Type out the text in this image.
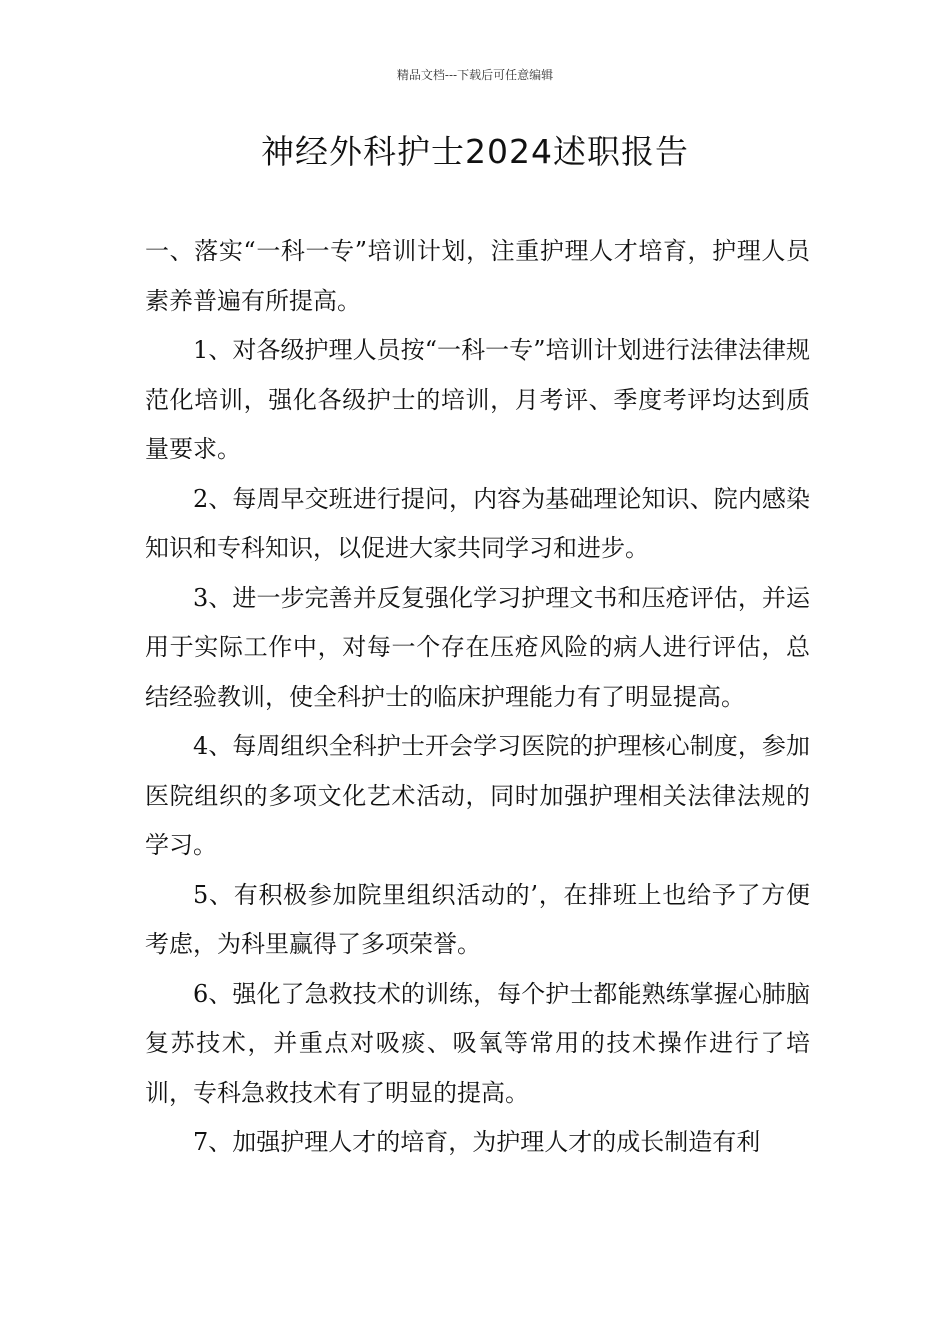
精品文档---下载后可任意编辑
神经外科护士2024述职报告

一、落实“一科一专”培训计划，注重护理人才培育，护理人员素养普遍有所提高。

1、对各级护理人员按“一科一专”培训计划进行法律法律规范化培训，强化各级护士的培训，月考评、季度考评均达到质量要求。

2、每周早交班进行提问，内容为基础理论知识、院内感染知识和专科知识，以促进大家共同学习和进步。

3、进一步完善并反复强化学习护理文书和压疮评估，并运用于实际工作中，对每一个存在压疮风险的病人进行评估，总结经验教训，使全科护士的临床护理能力有了明显提高。

4、每周组织全科护士开会学习医院的护理核心制度，参加医院组织的多项文化艺术活动，同时加强护理相关法律法规的学习。

5、有积极参加院里组织活动的’，在排班上也给予了方便考虑，为科里赢得了多项荣誉。

6、强化了急救技术的训练，每个护士都能熟练掌握心肺脑复苏技术，并重点对吸痰、吸氧等常用的技术操作进行了培训，专科急救技术有了明显的提高。

7、加强护理人才的培育，为护理人才的成长制造有利
